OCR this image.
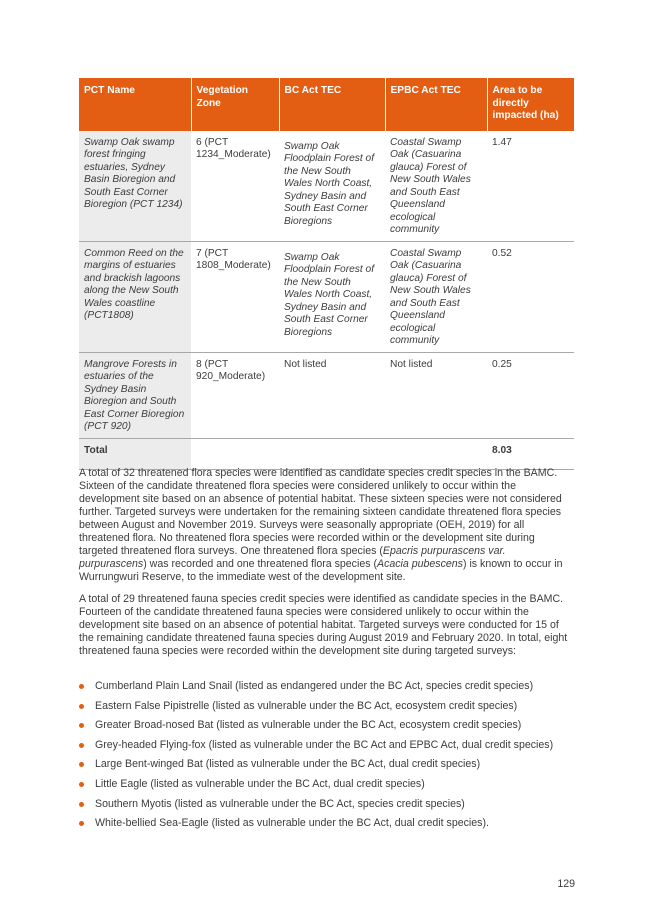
PCT Name	Vegetation Zone	BC Act TEC	EPBC Act TEC	Area to be directly impacted (ha)
Swamp Oak swamp forest fringing estuaries, Sydney Basin Bioregion and South East Corner Bioregion (PCT 1234)	6 (PCT 1234_Moderate)	Swamp Oak Floodplain Forest of the New South Wales North Coast, Sydney Basin and South East Corner Bioregions	Coastal Swamp Oak (Casuarina glauca) Forest of New South Wales and South East Queensland ecological community	1.47
Common Reed on the margins of estuaries and brackish lagoons along the New South Wales coastline (PCT1808)	7 (PCT 1808_Moderate)	Swamp Oak Floodplain Forest of the New South Wales North Coast, Sydney Basin and South East Corner Bioregions	Coastal Swamp Oak (Casuarina glauca) Forest of New South Wales and South East Queensland ecological community	0.52
Mangrove Forests in estuaries of the Sydney Basin Bioregion and South East Corner Bioregion (PCT 920)	8 (PCT 920_Moderate)	Not listed	Not listed	0.25
Total				8.03

A total of 32 threatened flora species were identified as candidate species credit species in the BAMC. Sixteen of the candidate threatened flora species were considered unlikely to occur within the development site based on an absence of potential habitat. These sixteen species were not considered further. Targeted surveys were undertaken for the remaining sixteen candidate threatened flora species between August and November 2019. Surveys were seasonally appropriate (OEH, 2019) for all threatened flora. No threatened flora species were recorded within or the development site during targeted threatened flora surveys. One threatened flora species (Epacris purpurascens var. purpurascens) was recorded and one threatened flora species (Acacia pubescens) is known to occur in Wurrungwuri Reserve, to the immediate west of the development site.

A total of 29 threatened fauna species credit species were identified as candidate species in the BAMC. Fourteen of the candidate threatened fauna species were considered unlikely to occur within the development site based on an absence of potential habitat. Targeted surveys were conducted for 15 of the remaining candidate threatened fauna species during August 2019 and February 2020. In total, eight threatened fauna species were recorded within the development site during targeted surveys:

Cumberland Plain Land Snail (listed as endangered under the BC Act, species credit species)
Eastern False Pipistrelle (listed as vulnerable under the BC Act, ecosystem credit species)
Greater Broad-nosed Bat (listed as vulnerable under the BC Act, ecosystem credit species)
Grey-headed Flying-fox (listed as vulnerable under the BC Act and EPBC Act, dual credit species)
Large Bent-winged Bat (listed as vulnerable under the BC Act, dual credit species)
Little Eagle (listed as vulnerable under the BC Act, dual credit species)
Southern Myotis (listed as vulnerable under the BC Act, species credit species)
White-bellied Sea-Eagle (listed as vulnerable under the BC Act, dual credit species).
129
